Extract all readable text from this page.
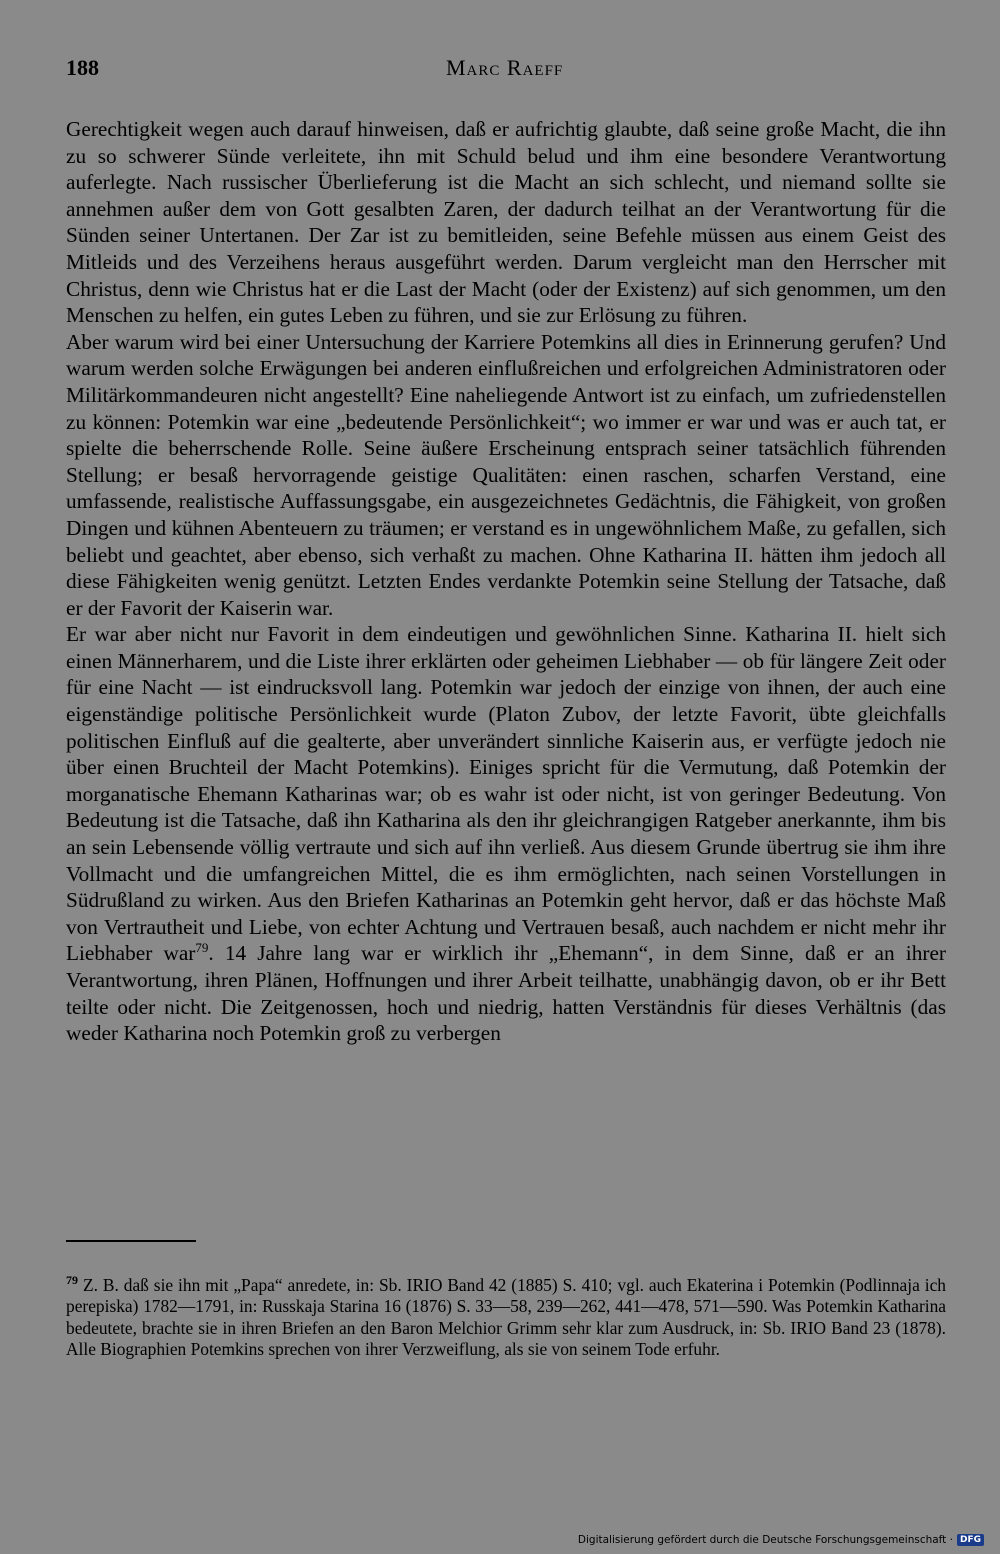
188	Marc Raeff

Gerechtigkeit wegen auch darauf hinweisen, daß er aufrichtig glaubte, daß seine große Macht, die ihn zu so schwerer Sünde verleitete, ihn mit Schuld belud und ihm eine besondere Verantwortung auferlegte. Nach russischer Überlieferung ist die Macht an sich schlecht, und niemand sollte sie annehmen außer dem von Gott gesalbten Zaren, der dadurch teilhat an der Verantwortung für die Sünden seiner Untertanen. Der Zar ist zu bemitleiden, seine Befehle müssen aus einem Geist des Mitleids und des Verzeihens heraus ausgeführt werden. Darum vergleicht man den Herrscher mit Christus, denn wie Christus hat er die Last der Macht (oder der Existenz) auf sich genommen, um den Menschen zu helfen, ein gutes Leben zu führen, und sie zur Erlösung zu führen.

Aber warum wird bei einer Untersuchung der Karriere Potemkins all dies in Erinnerung gerufen? Und warum werden solche Erwägungen bei anderen einflußreichen und erfolgreichen Administratoren oder Militärkommandeuren nicht angestellt? Eine naheliegende Antwort ist zu einfach, um zufriedenstellen zu können: Potemkin war eine „bedeutende Persönlichkeit“; wo immer er war und was er auch tat, er spielte die beherrschende Rolle. Seine äußere Erscheinung entsprach seiner tatsächlich führenden Stellung; er besaß hervorragende geistige Qualitäten: einen raschen, scharfen Verstand, eine umfassende, realistische Auffassungsgabe, ein ausgezeichnetes Gedächtnis, die Fähigkeit, von großen Dingen und kühnen Abenteuern zu träumen; er verstand es in ungewöhnlichem Maße, zu gefallen, sich beliebt und geachtet, aber ebenso, sich verhaßt zu machen. Ohne Katharina II. hätten ihm jedoch all diese Fähigkeiten wenig genützt. Letzten Endes verdankte Potemkin seine Stellung der Tatsache, daß er der Favorit der Kaiserin war.

Er war aber nicht nur Favorit in dem eindeutigen und gewöhnlichen Sinne. Katharina II. hielt sich einen Männerharem, und die Liste ihrer erklärten oder geheimen Liebhaber — ob für längere Zeit oder für eine Nacht — ist eindrucksvoll lang. Potemkin war jedoch der einzige von ihnen, der auch eine eigenständige politische Persönlichkeit wurde (Platon Zubov, der letzte Favorit, übte gleichfalls politischen Einfluß auf die gealterte, aber unverändert sinnliche Kaiserin aus, er verfügte jedoch nie über einen Bruchteil der Macht Potemkins). Einiges spricht für die Vermutung, daß Potemkin der morganatische Ehemann Katharinas war; ob es wahr ist oder nicht, ist von geringer Bedeutung. Von Bedeutung ist die Tatsache, daß ihn Katharina als den ihr gleichrangigen Ratgeber anerkannte, ihm bis an sein Lebensende völlig vertraute und sich auf ihn verließ. Aus diesem Grunde übertrug sie ihm ihre Vollmacht und die umfangreichen Mittel, die es ihm ermöglichten, nach seinen Vorstellungen in Südrußland zu wirken. Aus den Briefen Katharinas an Potemkin geht hervor, daß er das höchste Maß von Vertrautheit und Liebe, von echter Achtung und Vertrauen besaß, auch nachdem er nicht mehr ihr Liebhaber war$^{79}$. 14 Jahre lang war er wirklich ihr „Ehemann“, in dem Sinne, daß er an ihrer Verantwortung, ihren Plänen, Hoffnungen und ihrer Arbeit teilhatte, unabhängig davon, ob er ihr Bett teilte oder nicht. Die Zeitgenossen, hoch und niedrig, hatten Verständnis für dieses Verhältnis (das weder Katharina noch Potemkin groß zu verbergen

$^{79}$ Z. B. daß sie ihn mit „Papa“ anredete, in: Sb. IRIO Band 42 (1885) S. 410; vgl. auch Ekaterina i Potemkin (Podlinnaja ich perepiska) 1782—1791, in: Russkaja Starina 16 (1876) S. 33—58, 239—262, 441—478, 571—590. Was Potemkin Katharina bedeutete, brachte sie in ihren Briefen an den Baron Melchior Grimm sehr klar zum Ausdruck, in: Sb. IRIO Band 23 (1878). Alle Biographien Potemkins sprechen von ihrer Verzweiflung, als sie von seinem Tode erfuhr.

Digitalisierung gefördert durch die Deutsche Forschungsgemeinschaft · DFG
